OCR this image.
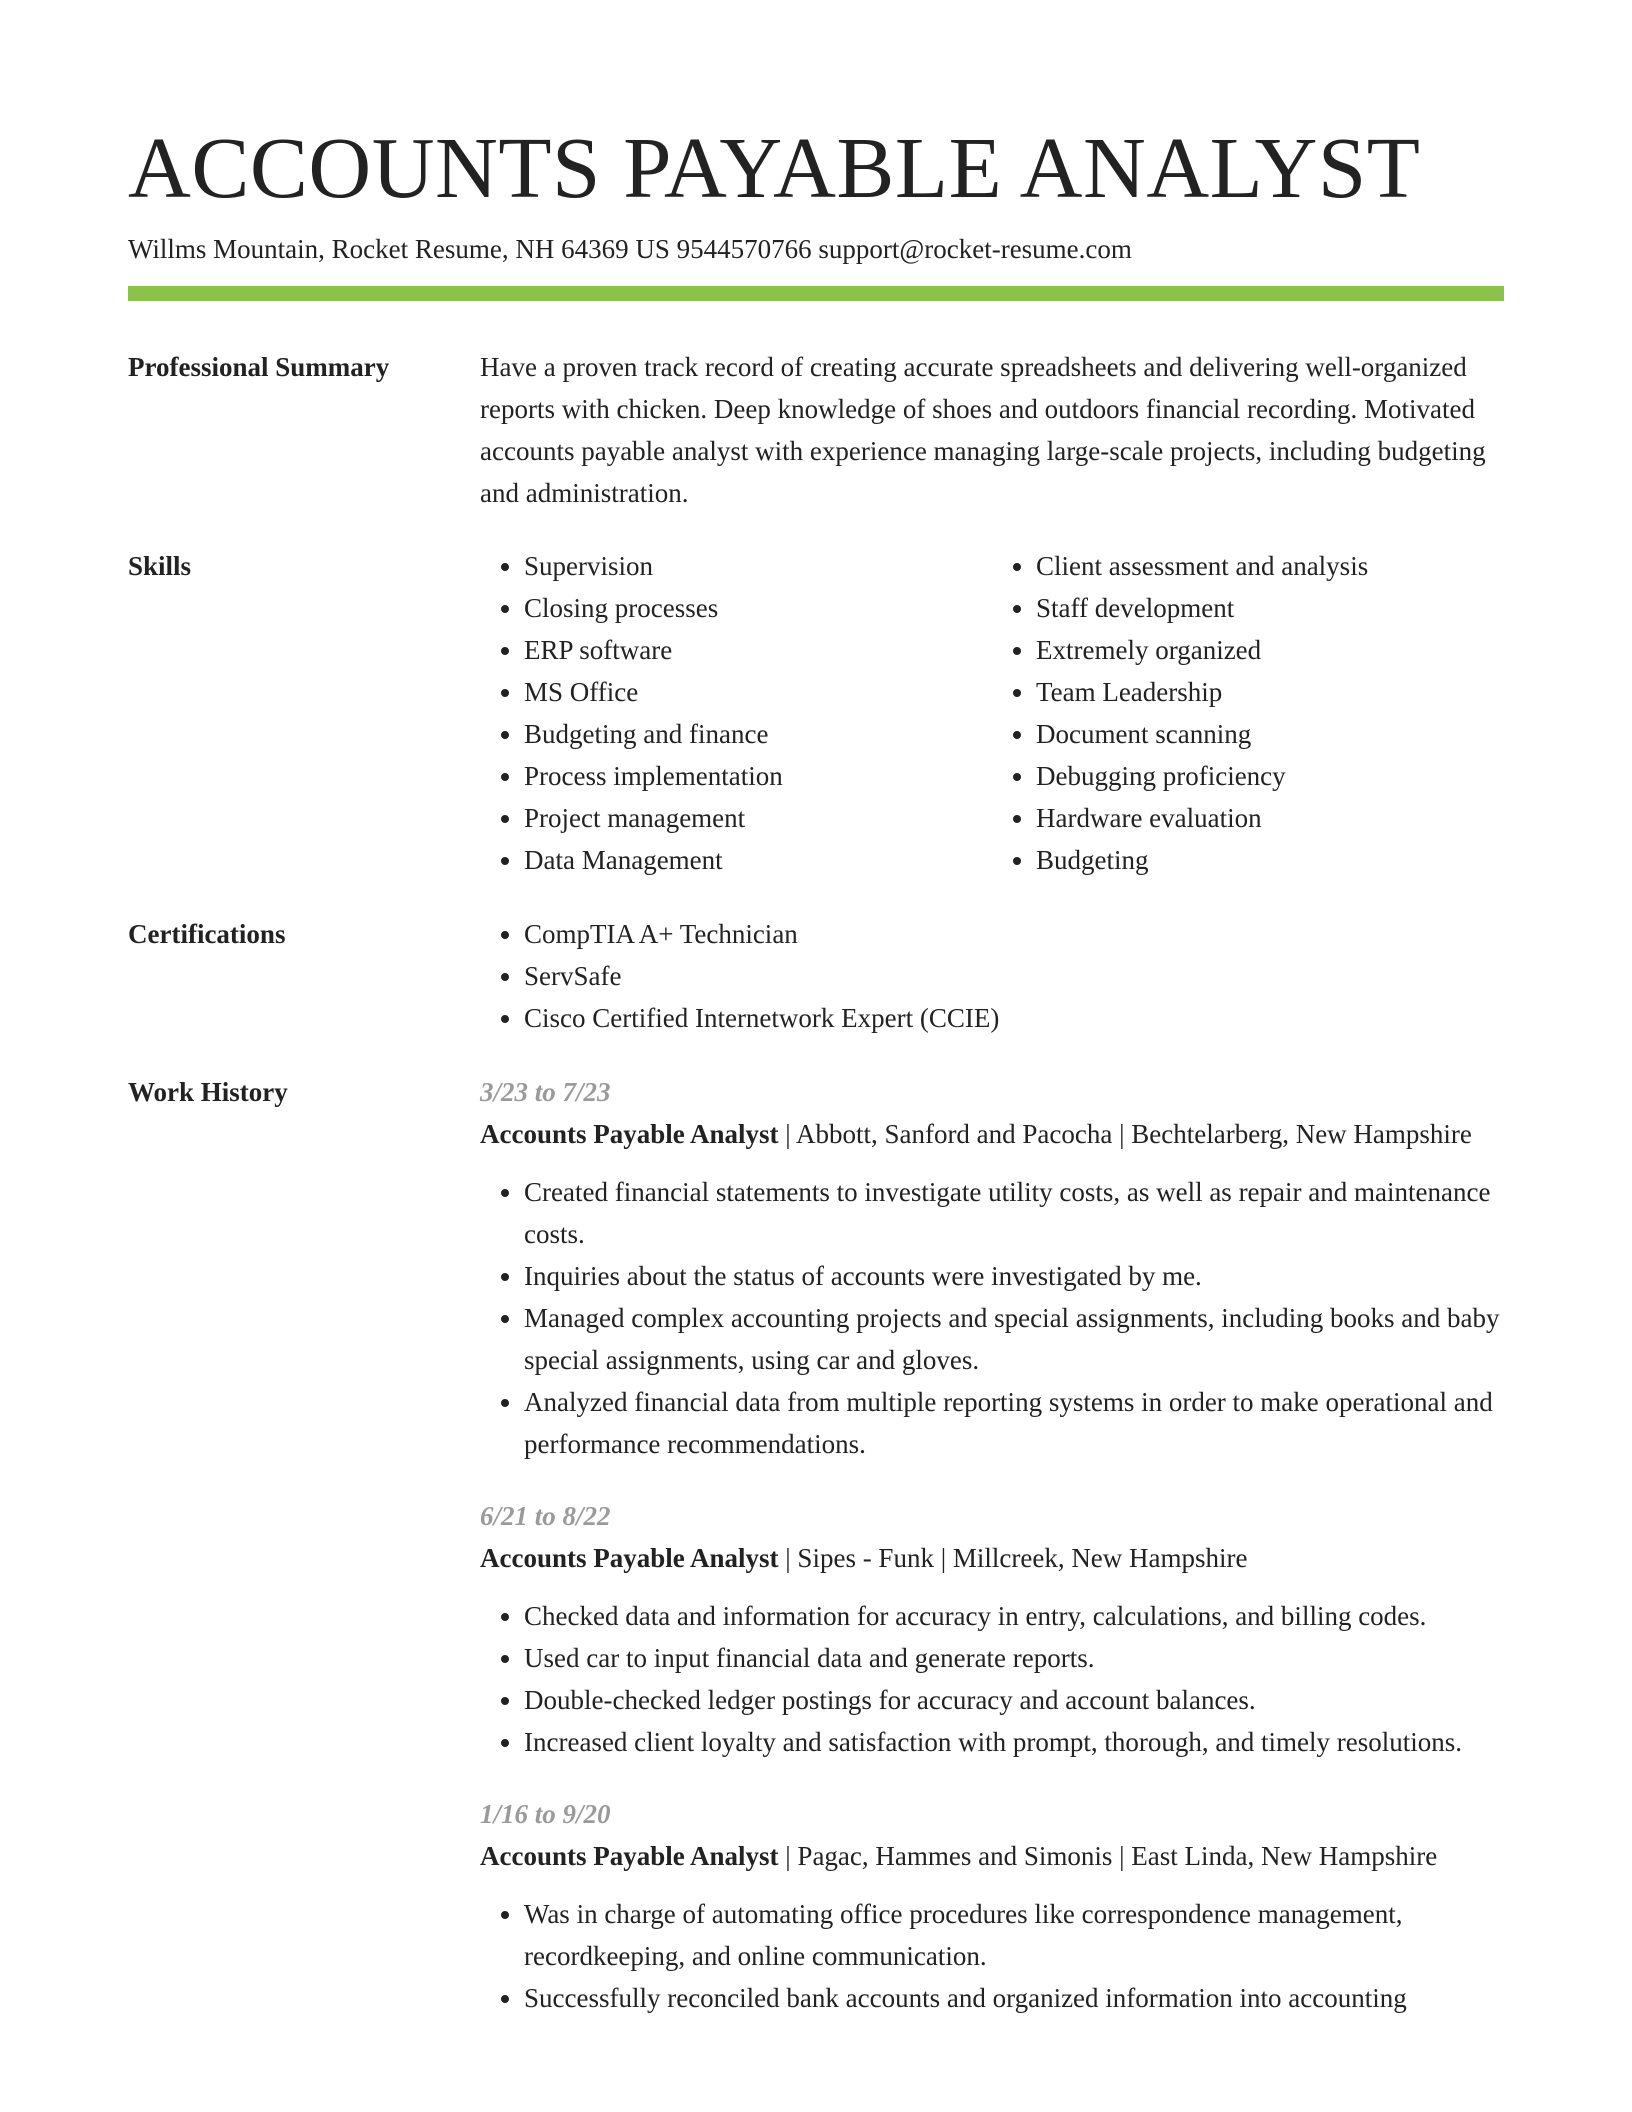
ACCOUNTS PAYABLE ANALYST
Willms Mountain, Rocket Resume, NH 64369 US 9544570766 support@rocket-resume.com
Professional Summary	Have a proven track record of creating accurate spreadsheets and delivering well-organized reports with chicken. Deep knowledge of shoes and outdoors financial recording. Motivated accounts payable analyst with experience managing large-scale projects, including budgeting and administration.

Skills	• Supervision
• Closing processes
• ERP software
• MS Office
• Budgeting and finance
• Process implementation
• Project management
• Data Management
• Client assessment and analysis
• Staff development
• Extremely organized
• Team Leadership
• Document scanning
• Debugging proficiency
• Hardware evaluation
• Budgeting
Certifications	• CompTIA A+ Technician
• ServSafe
• Cisco Certified Internetwork Expert (CCIE)
Work History	3/23 to 7/23
Accounts Payable Analyst | Abbott, Sanford and Pacocha | Bechtelarberg, New Hampshire
• Created financial statements to investigate utility costs, as well as repair and maintenance costs.
• Inquiries about the status of accounts were investigated by me.
• Managed complex accounting projects and special assignments, including books and baby special assignments, using car and gloves.
• Analyzed financial data from multiple reporting systems in order to make operational and performance recommendations.
6/21 to 8/22
Accounts Payable Analyst | Sipes - Funk | Millcreek, New Hampshire
• Checked data and information for accuracy in entry, calculations, and billing codes.
• Used car to input financial data and generate reports.
• Double-checked ledger postings for accuracy and account balances.
• Increased client loyalty and satisfaction with prompt, thorough, and timely resolutions.
1/16 to 9/20
Accounts Payable Analyst | Pagac, Hammes and Simonis | East Linda, New Hampshire
• Was in charge of automating office procedures like correspondence management, recordkeeping, and online communication.
• Successfully reconciled bank accounts and organized information into accounting
